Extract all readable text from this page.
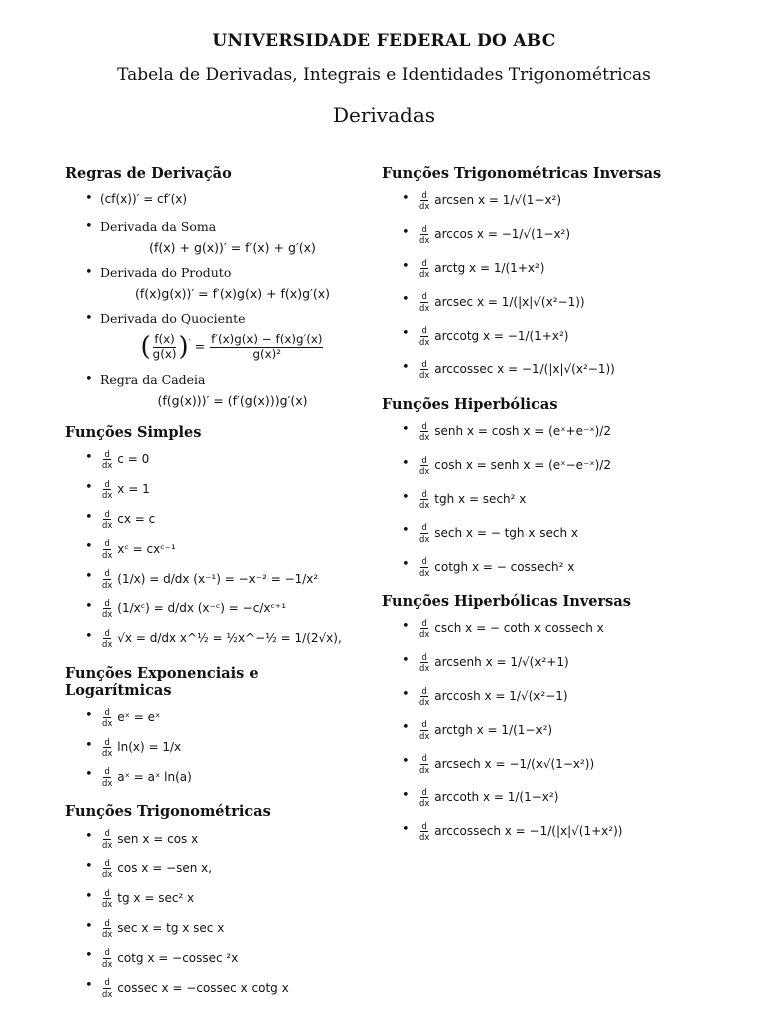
UNIVERSIDADE FEDERAL DO ABC
Tabela de Derivadas, Integrais e Identidades Trigonométricas
Derivadas
Regras de Derivação
• (cf(x))′ = cf′(x)
• Derivada da Soma
(f(x) + g(x))′ = f′(x) + g′(x)
• Derivada do Produto
(f(x)g(x))′ = f′(x)g(x) + f(x)g′(x)
• Derivada do Quociente
( $\frac{f(x)}{g(x)} )' = \frac{f'(x)g(x) - f(x)g'(x)}{\text{g(x)²}}$
• Regra da Cadeia
(f(g(x)))′ = (f′(g(x)))g′(x)
Funções Simples
• $\frac{d}{dx}$ c = 0
• $\frac{d}{dx}$ x = 1
• $\frac{d}{dx}$ cx = c
• $\frac{d}{dx}$ xᶜ = cxᶜ⁻¹
• $\frac{d}{dx} (1/x) = d/dx$ (x⁻¹) = −x⁻² = −1/x²
• $\frac{d}{dx}$ (1/xᶜ) = d/dx (x⁻ᶜ) = −c/xᶜ⁺¹
• $\frac{d}{dx} √x = d/dx$ x^½ = ½x^−½ = 1/(2√x),
Funções Exponenciais e Logarítmicas
• $\frac{d}{dx}$ eˣ = eˣ
• $\frac{d}{dx} \ln(x) = 1/x$
• $\frac{d}{dx}$ aˣ = aˣ ln(a)
Funções Trigonométricas
• $\frac{d}{dx}$ sen x = cos x
• $\frac{d}{dx}$ cos x = −sen x,
• $\frac{d}{dx}$ tg x = sec² x
• $\frac{d}{dx}$ sec x = tg x sec x
• $\frac{d}{dx}$ cotg x = −cossec ²x
• $\frac{d}{dx}$ cossec x = −cossec x cotg x
Funções Trigonométricas Inversas
• $\frac{d}{dx}$ arcsen x = 1/√(1−x²)
• $\frac{d}{dx}$ arccos x = −1/√(1−x²)
• $\frac{d}{dx}$ arctg x = 1/(1+x²)
• $\frac{d}{dx}$ arcsec x = 1/(|x|√(x²−1))
• $\frac{d}{dx}$ arccotg x = −1/(1+x²)
• $\frac{d}{dx}$ arccossec x = −1/(|x|√(x²−1))
Funções Hiperbólicas
• $\frac{d}{dx}$ senh x = cosh x = (eˣ+e⁻ˣ)/2
• $\frac{d}{dx}$ cosh x = senh x = (eˣ−e⁻ˣ)/2
• $\frac{d}{dx}$ tgh x = sech² x
• $\frac{d}{dx}$ sech x = − tgh x sech x
• $\frac{d}{dx}$ cotgh x = − cossech² x
Funções Hiperbólicas Inversas
• $\frac{d}{dx}$ csch x = − coth x cossech x
• $\frac{d}{dx}$ arcsenh x = 1/√(x²+1)
• $\frac{d}{dx}$ arccosh x = 1/√(x²−1)
• $\frac{d}{dx}$ arctgh x = 1/(1−x²)
• $\frac{d}{dx}$ arcsech x = −1/(x√(1−x²))
• $\frac{d}{dx}$ arccoth x = 1/(1−x²)
• $\frac{d}{dx}$ arccossech x = −1/(|x|√(1+x²))
